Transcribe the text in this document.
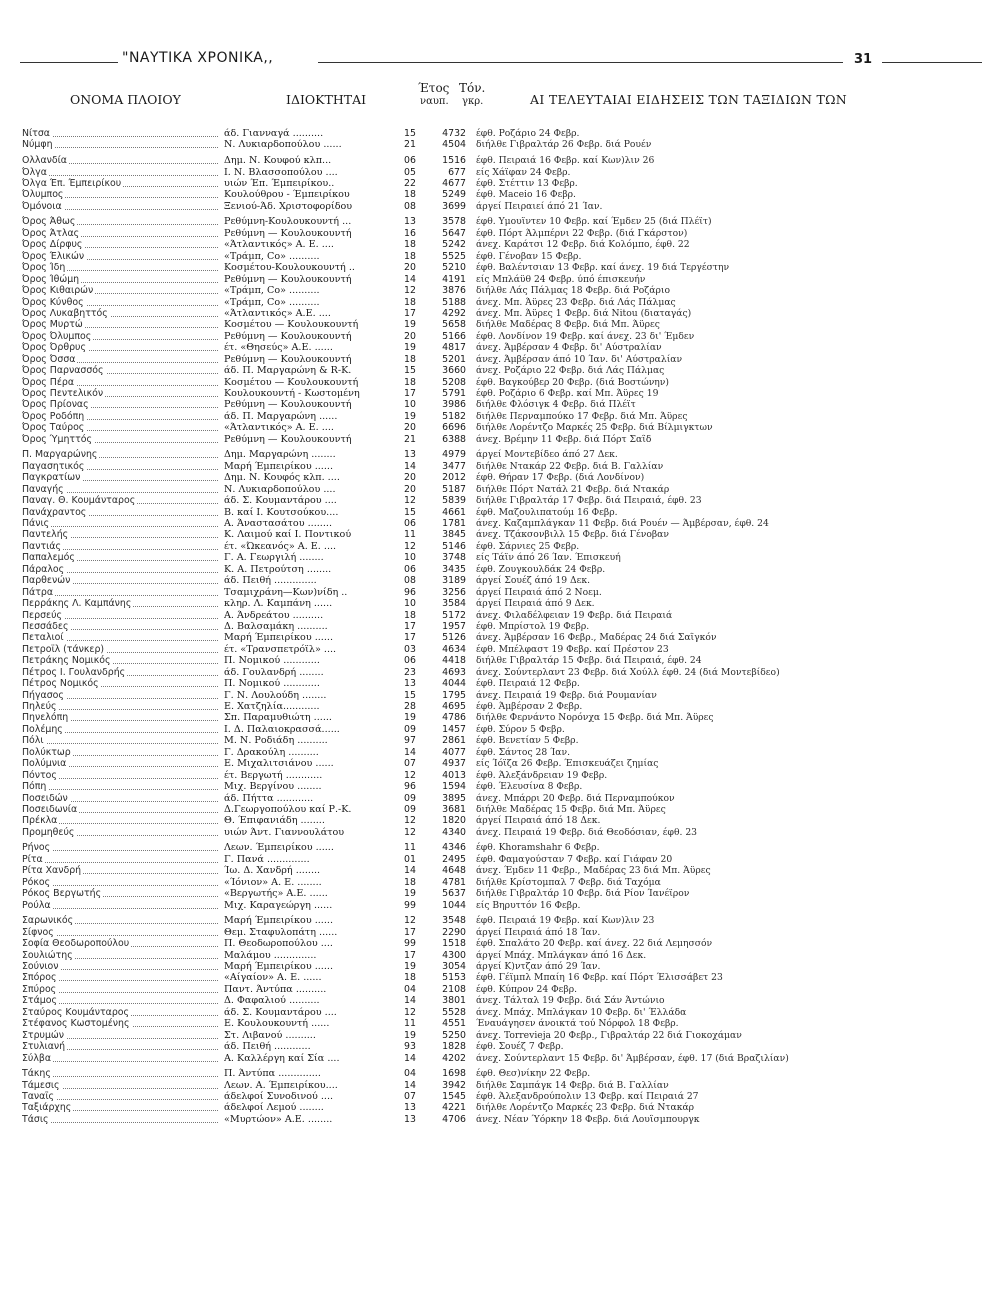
"ΝΑΥΤΙΚΑ ΧΡΟΝΙΚΑ,,	31
ΟΝΟΜΑ ΠΛΟΙΟΥ	ΙΔΙΟΚΤΗΤΑΙ
Έτος
ναυπ.
Τόν.
γκρ.	ΑΙ ΤΕΛΕΥΤΑΙΑΙ ΕΙΔΗΣΕΙΣ ΤΩΝ ΤΑΞΙΔΙΩΝ ΤΩΝ
Νίτσα	άδ. Γιανναγά ..........	15	4732 έφθ. Ροζάριο 24 Φεβρ.
Νύμφη	Ν. Λυκιαρδοπούλου ......	21	4504 διήλθε Γιβραλτάρ 26 Φεβρ. διά Ρουέν
Ολλανδία	Δημ. Ν. Κουφού κλπ...	06	1516 έφθ. Πειραιά 16 Φεβρ. καί Κων)λιν 26
Όλγα	Ι. Ν. Βλασσοπούλου ....	05	677 είς Χάϊφαν 24 Φεβρ.
Όλγα Έπ. Έμπειρίκου	υιών Έπ. Έμπειρίκου..	22	4677 έφθ. Στέττιν 13 Φεβρ.
Όλυμπος	Κουλούθρου - Έμπειρίκου	18	5249 έφθ. Maceio 16 Φεβρ.
Όμόνοια	Ξενιού-Άδ. Χριστοφορίδου	08	3699 άργεί Πειραιεί άπό 21 Ίαν.
Όρος Άθως	Ρεθύμνη-Κουλουκουντή ...	13	3578 έφθ. Υμουϊντεν 10 Φεβρ. καί Έμδεν 25 (διά Πλέϊτ)
Όρος Άτλας	Ρεθύμνη — Κουλουκουντή	16	5647 έφθ. Πόρτ Άλμπέρνι 22 Φεβρ. (διά Γκάρστον)
Όρος Δίρφυς	«Άτλαντικός» Α. Ε. ....	18	5242 άνεχ. Καράτσι 12 Φεβρ. διά Κολόμπο, έφθ. 22
Όρος Έλικών	«Τράμπ, Co» ..........	18	5525 έφθ. Γένοβαν 15 Φεβρ.
Όρος Ίδη	Κοσμέτου-Κουλουκουντή ..	20	5210 έφθ. Βαλέντσιαν 13 Φεβρ. καί άνεχ. 19 διά Τεργέστην
Όρος Ίθώμη	Ρεθύμνη — Κουλουκουντή	14	4191 είς Μπλάϋθ 24 Φεβρ. ύπό έπισκευήν
Όρος Κιθαιρών	«Τράμπ, Co» ..........	12	3876 διήλθε Λάς Πάλμας 18 Φεβρ. διά Ροζάριο
Όρος Κύνθος	«Τράμπ, Co» ..........	18	5188 άνεχ. Μπ. Άϋρες 23 Φεβρ. διά Λάς Πάλμας
Όρος Λυκαβηττός	«Άτλαντικός» Α.Ε. ....	17	4292 άνεχ. Μπ. Άϋρες 1 Φεβρ. διά Nitou (διαταγάς)
Όρος Μυρτώ	Κοσμέτου — Κουλουκουντή	19	5658 διήλθε Μαδέρας 8 Φεβρ. διά Μπ. Άϋρες
Όρος Όλυμπος	Ρεθύμνη — Κουλουκουντή	20	5166 έφθ. Λονδίνον 19 Φεβρ. καί άνεχ. 23 δι' Έμδεν
Όρος Όρθρυς	έτ. «Θησεύς» Α.Ε. ......	19	4817 άνεχ. Άμβέρσαν 4 Φεβρ. δι' Αύστραλίαν
Όρος Όσσα	Ρεθύμνη — Κουλουκουντή	18	5201 άνεχ. Άμβέρσαν άπό 10 Ίαν. δι' Αύστραλίαν
Όρος Παρνασσός	άδ. Π. Μαργαρώνη & R-K.	15	3660 άνεχ. Ροζάριο 22 Φεβρ. διά Λάς Πάλμας
Όρος Πέρα	Κοσμέτου — Κουλουκουντή	18	5208 έφθ. Βαγκούβερ 20 Φεβρ. (διά Βοστώνην)
Όρος Πεντελικόν	Κουλουκουντή - Κωστομένη	17	5791 έφθ. Ροζάριο 6 Φεβρ. καί Μπ. Άϋρες 19
Όρος Πρίονας	Ρεθύμνη — Κουλουκουντή	10	3986 διήλθε Φλόσιγκ 4 Φεβρ. διά Πλέϊτ
Όρος Ροδόπη	άδ. Π. Μαργαρώνη ......	19	5182 διήλθε Περναμπούκο 17 Φεβρ. διά Μπ. Άϋρες
Όρος Ταύρος	«Άτλαντικός» Α. Ε. ....	20	6696 διήλθε Λορέντζο Μαρκές 25 Φεβρ. διά Βίλμιγκτων
Όρος Ύμηττός	Ρεθύμνη — Κουλουκουντή	21	6388 άνεχ. Βρέμην 11 Φεβρ. διά Πόρτ Σαΐδ
Π. Μαργαρώνης	Δημ. Μαργαρώνη ........	13	4979 άργεί Μοντεβίδεο άπό 27 Δεκ.
Παγασητικός	Μαρή Έμπειρίκου ......	14	3477 διήλθε Ντακάρ 22 Φεβρ. διά Β. Γαλλίαν
Παγκρατίων	Δημ. Ν. Κουφός κλπ. ....	20	2012 έφθ. Θήραν 17 Φεβρ. (διά Λονδίνον)
Παναγής	Ν. Λυκιαρδοπούλου ....	20	5187 διήλθε Πόρτ Νατάλ 21 Φεβρ. διά Ντακάρ
Παναγ. Θ. Κουμάνταρος	άδ. Σ. Κουμαντάρου ....	12	5839 διήλθε Γιβραλτάρ 17 Φεβρ. διά Πειραιά, έφθ. 23
Πανάχραντος	Β. καί Ι. Κουτσούκου....	15	4661 έφθ. Μαζουλιπατούμ 16 Φεβρ.
Πάνις	Α. Άναστασάτου ........	06	1781 άνεχ. Καζαμπλάγκαν 11 Φεβρ. διά Ρουέν — Άμβέρσαν, έφθ. 24
Παντελής	Κ. Λαιμού καί Ι. Ποντικού	11	3845 άνεχ. Τζάκσονβιλλ 15 Φεβρ. διά Γένοβαν
Παντιάς	έτ. «Ώκεανός» Α. Ε. ....	12	5146 έφθ. Σάρνιες 25 Φεβρ.
Παπαλεμός	Γ. Α. Γεωργιλή ........	10	3748 είς Τάϊν άπό 26 Ίαν. Έπισκευή
Πάραλος	Κ. Α. Πετρούτση ........	06	3435 έφθ. Ζουγκουλδάκ 24 Φεβρ.
Παρθενών	άδ. Πειθή ..............	08	3189 άργεί Σουέζ άπό 19 Δεκ.
Πάτρα	Τσαμιχράνη—Κων)νίδη ..	96	3256 άργεί Πειραιά άπό 2 Νοεμ.
Περράκης Λ. Καμπάνης	κληρ. Λ. Καμπάνη ......	10	3584 άργεί Πειραιά άπό 9 Δεκ.
Περσεύς	Α. Άνδρεάτου ..........	18	5172 άνεχ. Φιλαδέλφειαν 19 Φεβρ. διά Πειραιά
Πεσσάδες	Δ. Βαλσαμάκη ..........	17	1957 έφθ. Μπρίστολ 19 Φεβρ.
Πεταλιοί	Μαρή Έμπειρίκου ......	17	5126 άνεχ. Άμβέρσαν 16 Φεβρ., Μαδέρας 24 διά Σαΐγκόν
Πετροϊλ (τάνκερ)	έτ. «Τρανσπετρόϊλ» ....	03	4634 έφθ. Μπέλφαστ 19 Φεβρ. καί Πρέστον 23
Πετράκης Νομικός	Π. Νομικού ............	06	4418 διήλθε Γιβραλτάρ 15 Φεβρ. διά Πειραιά, έφθ. 24
Πέτρος Ι. Γουλανδρής	άδ. Γουλανδρή ........	23	4693 άνεχ. Σούντερλαντ 23 Φεβρ. διά Χούλλ έφθ. 24 (διά Μοντεβίδεο)
Πέτρος Νομικός	Π. Νομικού ............	13	4044 έφθ. Πειραιά 12 Φεβρ.
Πήγασος	Γ. Ν. Λουλούδη ........	15	1795 άνεχ. Πειραιά 19 Φεβρ. διά Ρουμανίαν
Πηλεύς	Ε. Χατζηλία............	28	4695 έφθ. Άμβέρσαν 2 Φεβρ.
Πηνελόπη	Σπ. Παραμυθιώτη ......	19	4786 διήλθε Φερνάντο Νορόνχα 15 Φεβρ. διά Μπ. Άϋρες
Πολέμης	Ι. Δ. Παλαιοκρασσά......	09	1457 έφθ. Σύρον 5 Φεβρ.
Πόλι	Μ. Ν. Ροδιάδη ..........	97	2861 έφθ. Βενετίαν 5 Φεβρ.
Πολύκτωρ	Γ. Δρακούλη ..........	14	4077 έφθ. Σάντος 28 Ίαν.
Πολύμνια	Ε. Μιχαλιτσιάνου ......	07	4937 είς Ίόϊζα 26 Φεβρ. Έπισκευάζει ζημίας
Πόντος	έτ. Βεργωτή ............	12	4013 έφθ. Άλεξάνδρειαν 19 Φεβρ.
Πόπη	Μιχ. Βεργίνου ........	96	1594 έφθ. Έλευσίνα 8 Φεβρ.
Ποσειδών	άδ. Πήττα ............	09	3895 άνεχ. Μπάρρι 20 Φεβρ. διά Περναμπούκον
Ποσειδωνία	Δ.Γεωργοπούλου καί Ρ.-Κ.	09	3681 διήλθε Μαδέρας 15 Φεβρ. διά Μπ. Άϋρες
Πρέκλα	Θ. Έπιφανιάδη ........	12	1820 άργεί Πειραιά άπό 18 Δεκ.
Προμηθεύς	υιών Άντ. Γιαννουλάτου	12	4340 άνεχ. Πειραιά 19 Φεβρ. διά Θεοδόσιαν, έφθ. 23
Ρήνος	Λεων. Έμπειρίκου ......	11	4346 έφθ. Khoramshahr 6 Φεβρ.
Ρίτα	Γ. Πανά ..............	01	2495 έφθ. Φαμαγούσταν 7 Φεβρ. καί Γιάφαν 20
Ρίτα Χανδρή	Ίω. Δ. Χανδρή ........	14	4648 άνεχ. Έμδεν 11 Φεβρ., Μαδέρας 23 διά Μπ. Άϋρες
Ρόκος	«Ίόνιον» Α. Ε. ........	18	4781 διήλθε Κρίστομπαλ 7 Φεβρ. διά Ταχόμα
Ρόκος Βεργωτής	«Βεργωτής» Α.Ε. ......	19	5637 διήλθε Γιβραλτάρ 10 Φεβρ. διά Ρίον Ίανέϊρον
Ρούλα	Μιχ. Καραγεώργη ......	99	1044 είς Βηρυττόν 16 Φεβρ.
Σαρωνικός	Μαρή Έμπειρίκου ......	12	3548 έφθ. Πειραιά 19 Φεβρ. καί Κων)λιν 23
Σίφνος	Θεμ. Σταφυλοπάτη ......	17	2290 άργεί Πειραιά άπό 18 Ίαν.
Σοφία Θεοδωροπούλου	Π. Θεοδωροπούλου ....	99	1518 έφθ. Σπαλάτο 20 Φεβρ. καί άνεχ. 22 διά Λεμησσόν
Σουλιώτης	Μαλάμου ..............	17	4300 άργεί Μπάχ. Μπλάγκαν άπό 16 Δεκ.
Σούνιον	Μαρή Έμπειρίκου ......	19	3054 άργεί Κ)ντζαν άπό 29 Ίαν.
Σπόρος	«Αίγαίον» Α. Ε. ......	18	5153 έφθ. Γέϊμπλ Μπαίη 16 Φεβρ. καί Πόρτ Έλισσάβετ 23
Σπύρος	Παντ. Άντύπα ..........	04	2108 έφθ. Κύπρον 24 Φεβρ.
Στάμος	Δ. Φαφαλιού ..........	14	3801 άνεχ. Τάλταλ 19 Φεβρ. διά Σάν Άντώνιο
Σταύρος Κουμάνταρος	άδ. Σ. Κουμαντάρου ....	12	5528 άνεχ. Μπάχ. Μπλάγκαν 10 Φεβρ. δι' Έλλάδα
Στέφανος Κωστομένης	Ε. Κουλουκουντή ......	11	4551 Έναυάγησεν άνοικτά τού Νόρφολ 18 Φεβρ.
Στρυμών	Στ. Λιβανού ..........	19	5250 άνεχ. Torrevieja 20 Φεβρ., Γιβραλτάρ 22 διά Γιοκοχάμαν
Στυλιανή	άδ. Πειθή ............	93	1828 έφθ. Σουέζ 7 Φεβρ.
Σύλβα	Α. Καλλέργη καί Σία ....	14	4202 άνεχ. Σούντερλαντ 15 Φεβρ. δι' Άμβέρσαν, έφθ. 17 (διά Βραζιλίαν)
Τάκης	Π. Άντύπα ..............	04	1698 έφθ. Θεσ)νίκην 22 Φεβρ.
Τάμεσις	Λεων. Α. Έμπειρίκου....	14	3942 διήλθε Σαμπάγκ 14 Φεβρ. διά Β. Γαλλίαν
Ταναΐς	άδελφοί Συνοδινού ....	07	1545 έφθ. Άλεξανδρούπολιν 13 Φεβρ. καί Πειραιά 27
Ταξιάρχης	άδελφοί Λεμού ........	13	4221 διήλθε Λορέντζο Μαρκές 23 Φεβρ. διά Ντακάρ
Τάσις	«Μυρτώον» Α.Ε. ........	13	4706 άνεχ. Νέαν Ύόρκην 18 Φεβρ. διά Λουΐσμπουργκ
